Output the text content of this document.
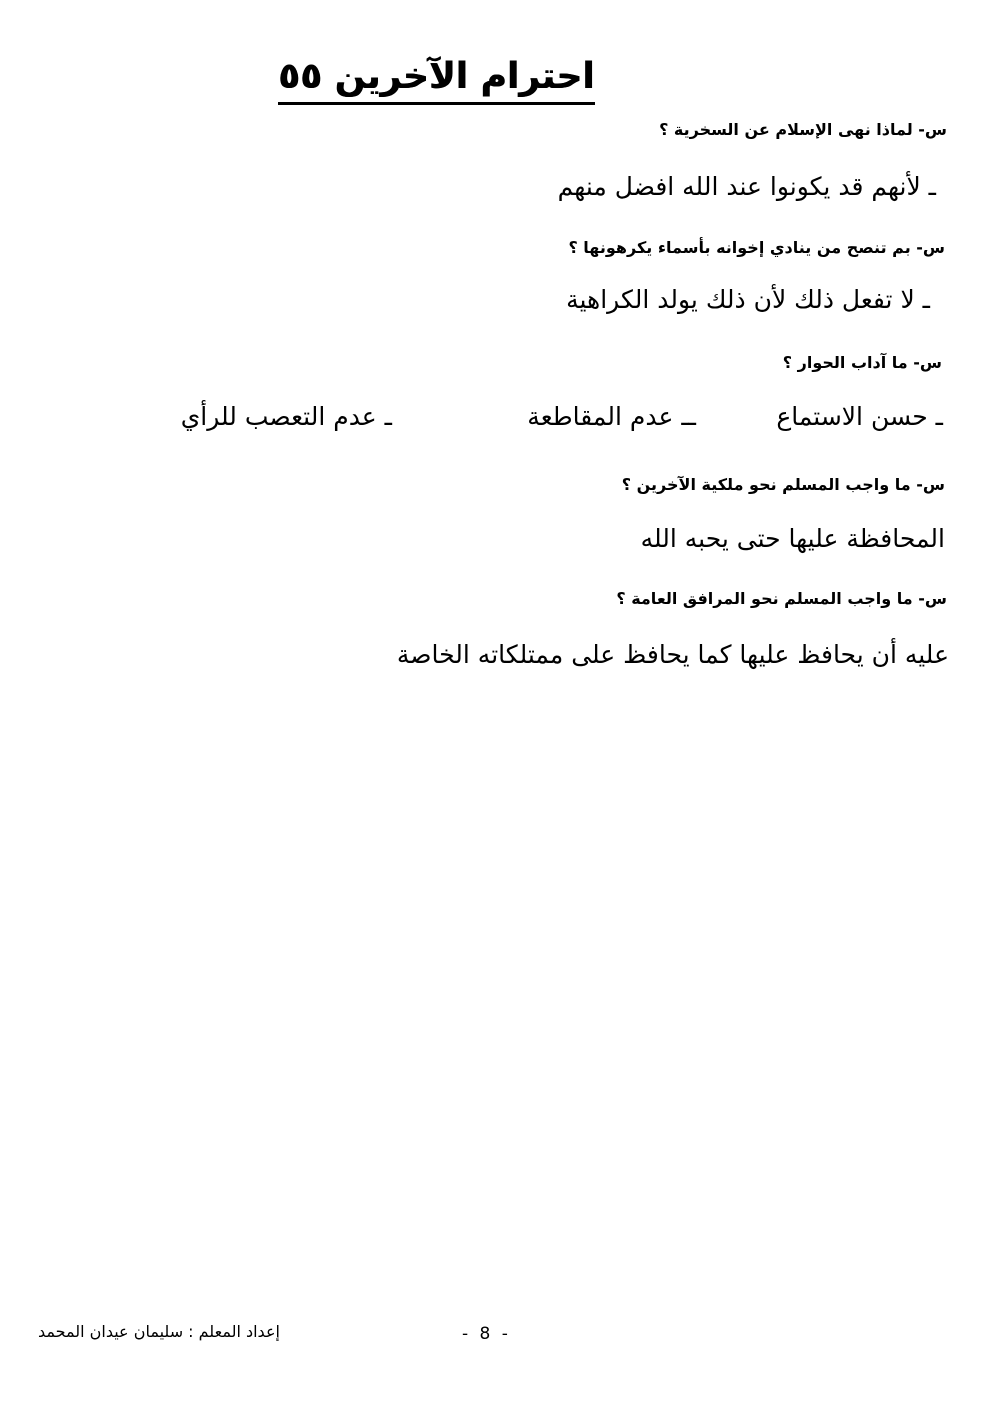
احترام الآخرين ٥٥
س- لماذا نهى الإسلام عن السخرية ؟
ـ لأنهم قد يكونوا عند الله افضل منهم
س- بم تنصح من ينادي إخوانه بأسماء يكرهونها ؟
ـ لا تفعل ذلك لأن ذلك يولد الكراهية
س- ما آداب الحوار ؟
ـ حسن الاستماع
ــ عدم المقاطعة
ـ عدم التعصب للرأي
س- ما واجب المسلم نحو ملكية الآخرين ؟
المحافظة عليها حتى يحبه الله
س- ما واجب المسلم نحو المرافق العامة ؟
عليه أن يحافظ عليها كما يحافظ على ممتلكاته الخاصة
إعداد المعلم : سليمان عيدان المحمد	- 8 -
